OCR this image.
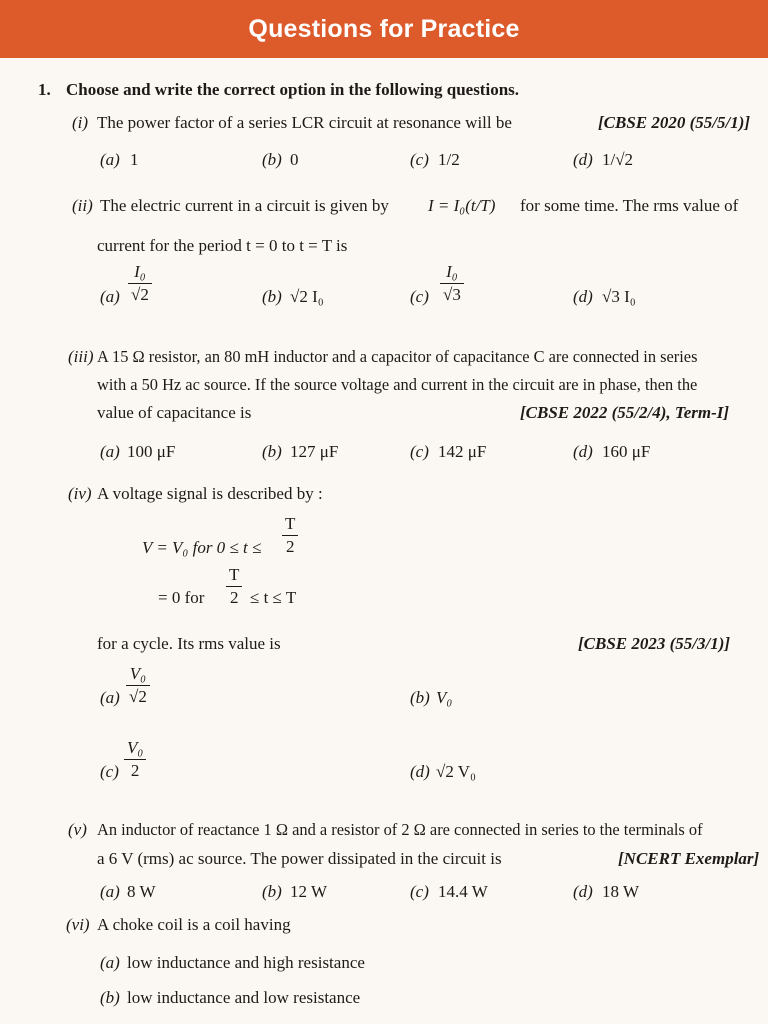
Questions for Practice
1. Choose and write the correct option in the following questions.
(i) The power factor of a series LCR circuit at resonance will be	[CBSE 2020 (55/5/1)]
(a) 1	(b) 0	(c) 1/2	(d) 1/√2
(ii) The electric current in a circuit is given by I = I₀(t/T) for some time. The rms value of
current for the period t = 0 to t = T is
(a)
I₀
√2	(b) √2 I₀	(c)
I₀
√3	(d) √3 I₀
(iii) A 15 Ω resistor, an 80 mH inductor and a capacitor of capacitance C are connected in series
with a 50 Hz ac source. If the source voltage and current in the circuit are in phase, then the
value of capacitance is	[CBSE 2022 (55/2/4), Term-I]
(a) 100 μF	(b) 127 μF	(c) 142 μF	(d) 160 μF
(iv) A voltage signal is described by :
V = V₀ for 0 ≤ t ≤
T
2
= 0 for
T
2 ≤ t ≤ T
for a cycle. Its rms value is	[CBSE 2023 (55/3/1)]
(a)
V₀
√2	(b) V₀
(c)
V₀
2	(d) √2 V₀
(v) An inductor of reactance 1 Ω and a resistor of 2 Ω are connected in series to the terminals of
a 6 V (rms) ac source. The power dissipated in the circuit is	[NCERT Exemplar]
(a) 8 W	(b) 12 W	(c) 14.4 W	(d) 18 W
(vi) A choke coil is a coil having
(a) low inductance and high resistance
(b) low inductance and low resistance
